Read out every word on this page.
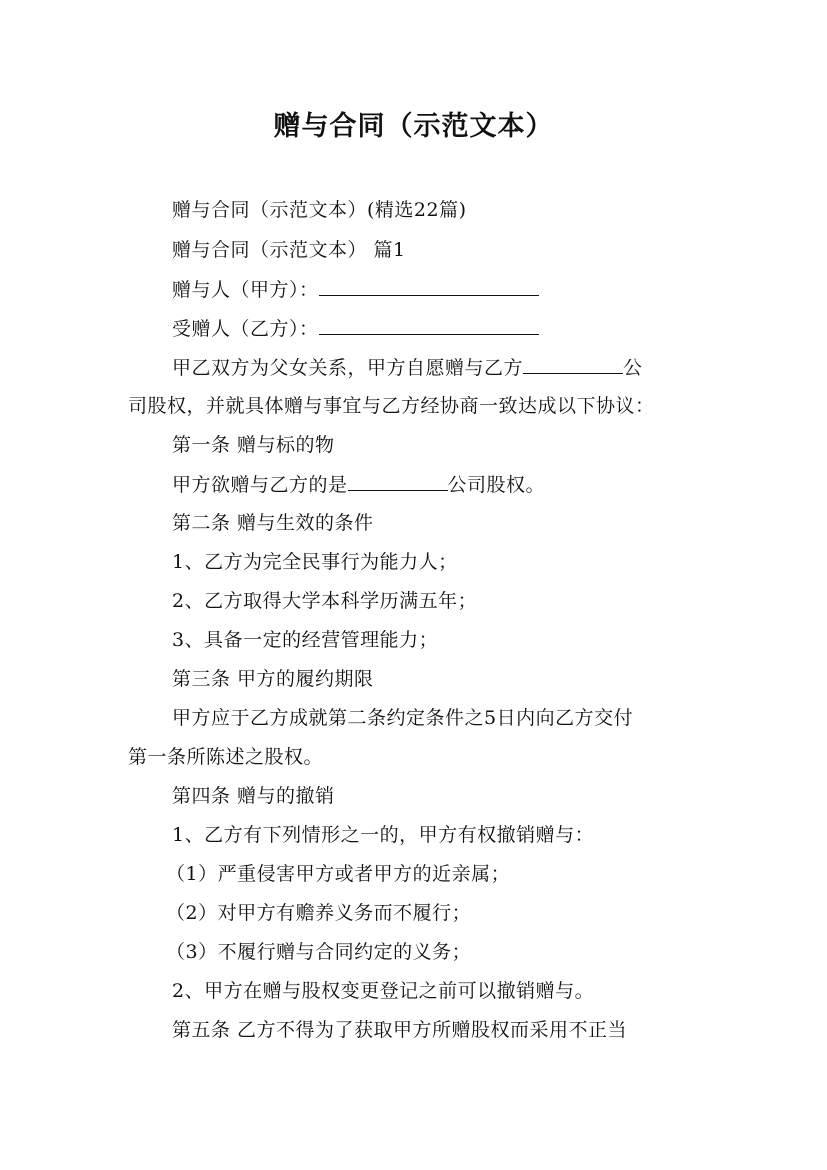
赠与合同（示范文本）
赠与合同（示范文本）(精选22篇)
赠与合同（示范文本） 篇1
赠与人（甲方）：
受赠人（乙方）：
甲乙双方为父女关系，甲方自愿赠与乙方	公
司股权，并就具体赠与事宜与乙方经协商一致达成以下协议：
第一条 赠与标的物
甲方欲赠与乙方的是	公司股权。
第二条 赠与生效的条件
1、乙方为完全民事行为能力人；
2、乙方取得大学本科学历满五年；
3、具备一定的经营管理能力；
第三条 甲方的履约期限
甲方应于乙方成就第二条约定条件之5日内向乙方交付
第一条所陈述之股权。
第四条 赠与的撤销
1、乙方有下列情形之一的，甲方有权撤销赠与：
（1）严重侵害甲方或者甲方的近亲属；
（2）对甲方有赡养义务而不履行；
（3）不履行赠与合同约定的义务；
2、甲方在赠与股权变更登记之前可以撤销赠与。
第五条 乙方不得为了获取甲方所赠股权而采用不正当
